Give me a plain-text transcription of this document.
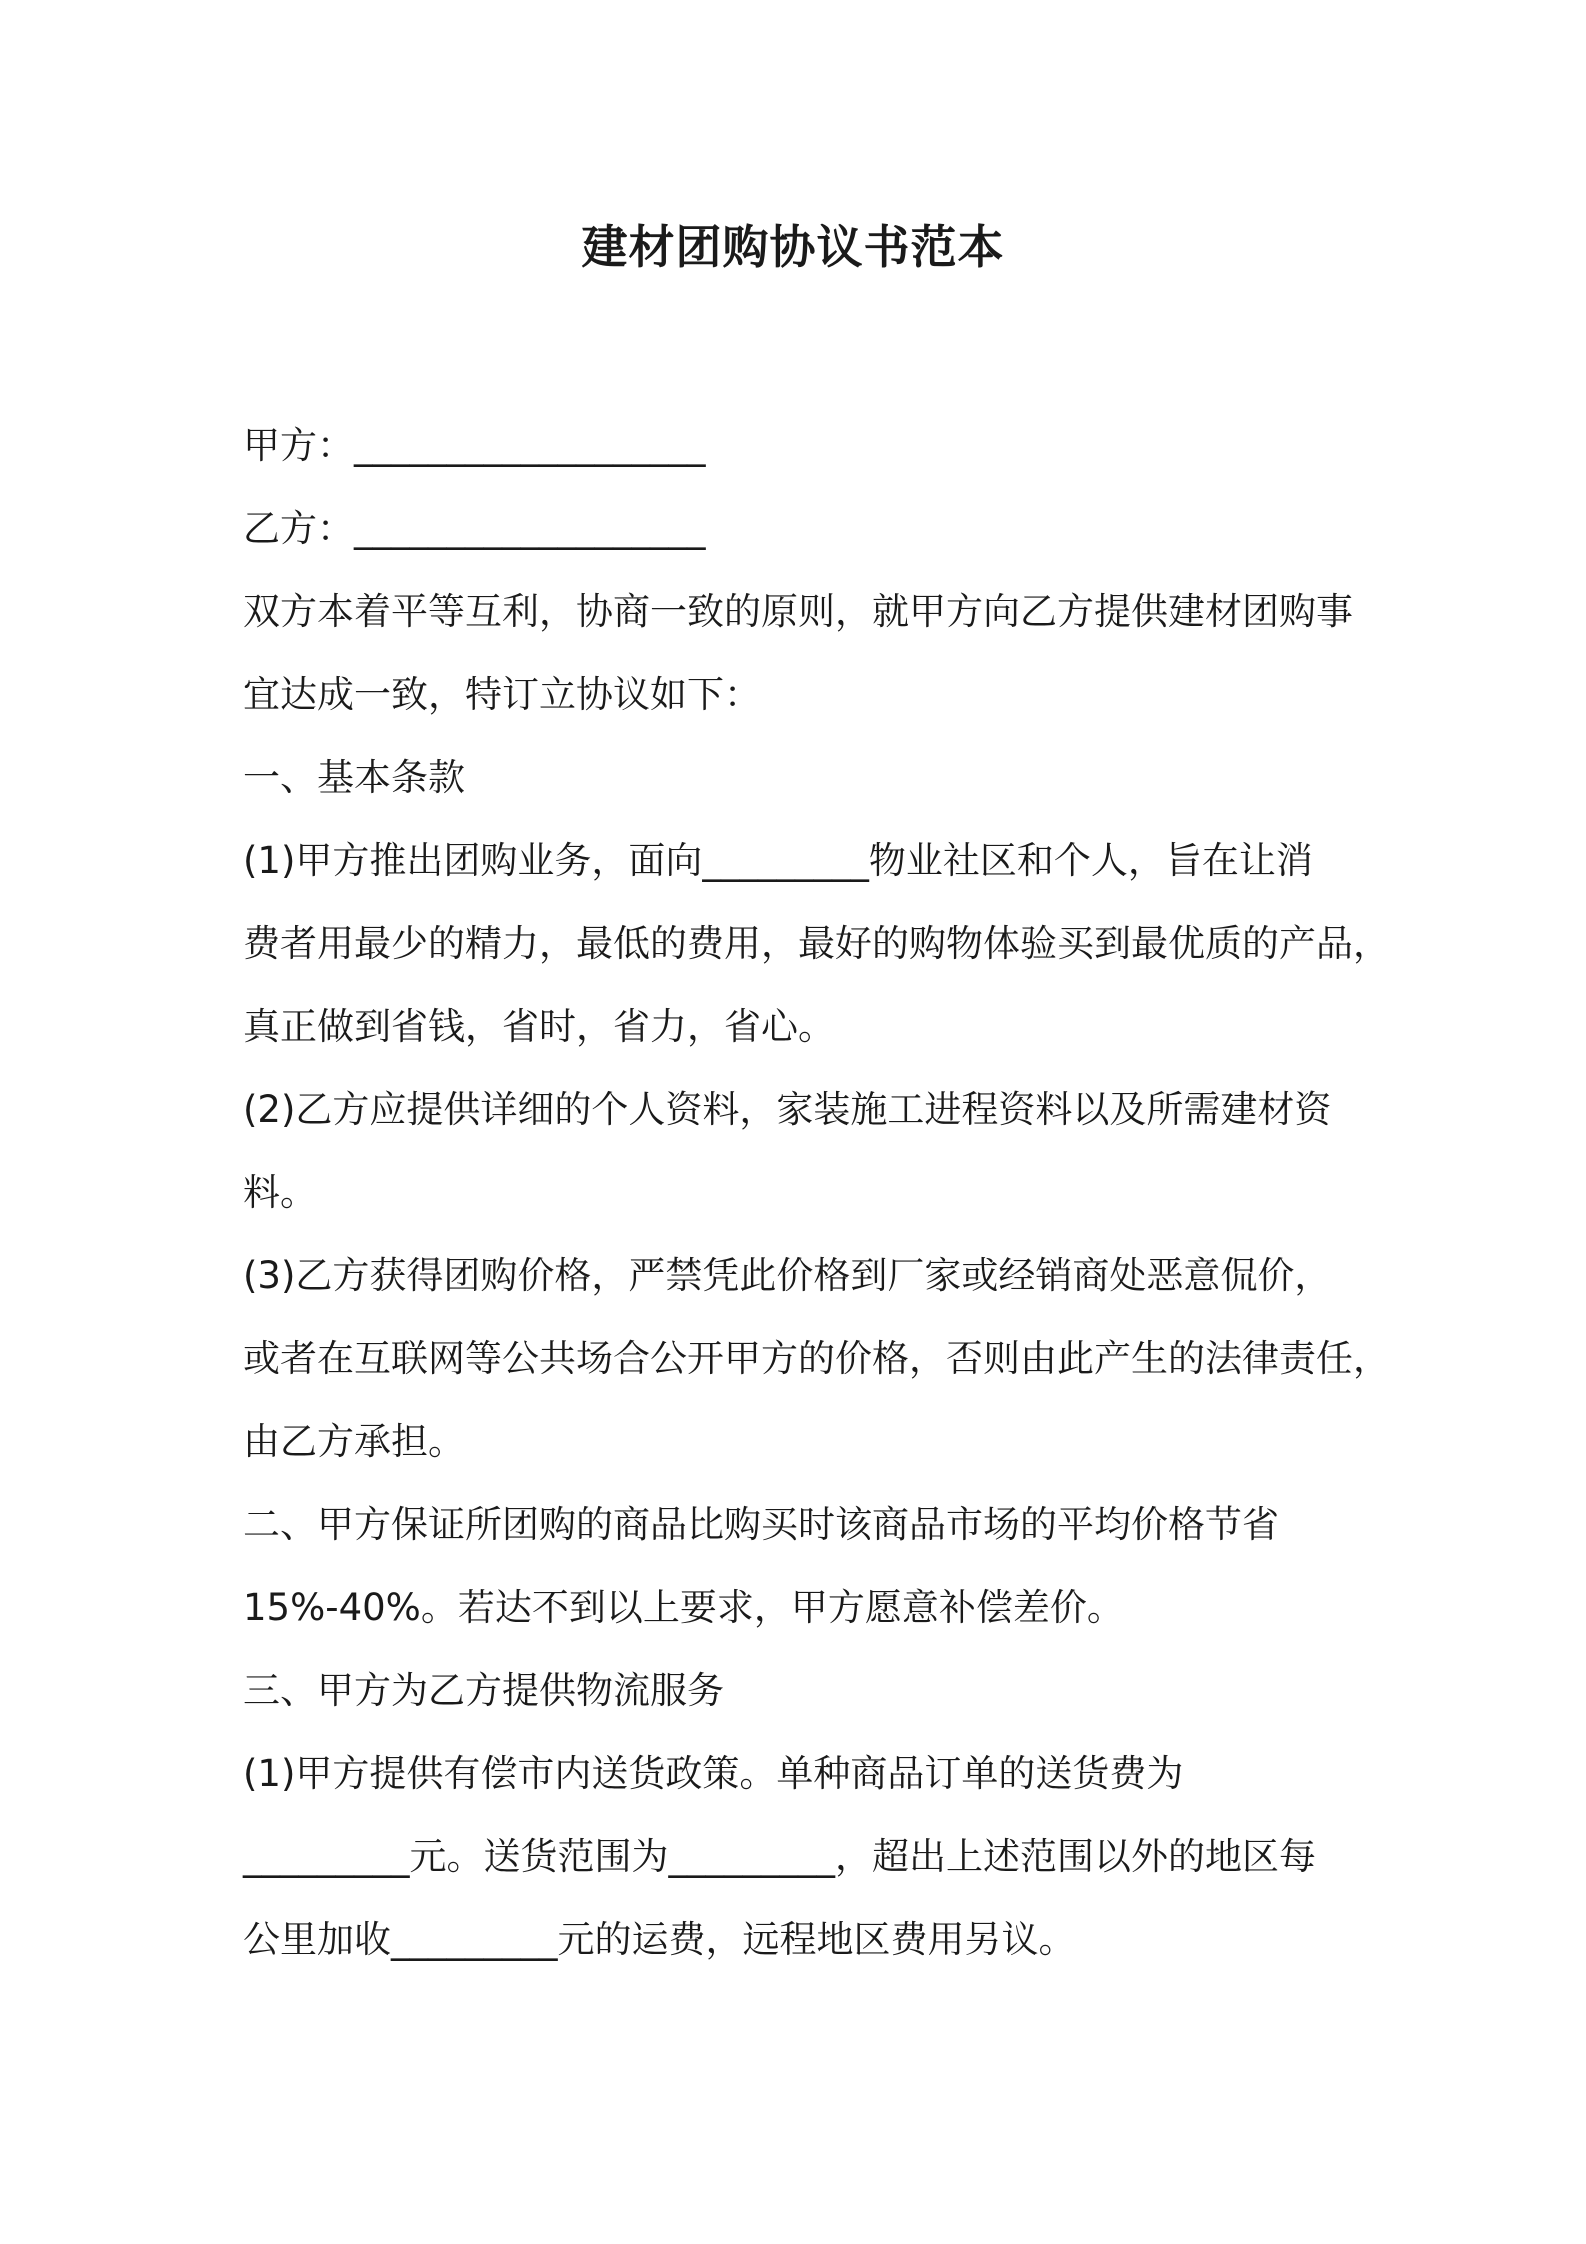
建材团购协议书范本

甲方：___________________

乙方：___________________

双方本着平等互利，协商一致的原则，就甲方向乙方提供建材团购事

宜达成一致，特订立协议如下：

一、基本条款

(1)甲方推出团购业务，面向_________物业社区和个人，旨在让消

费者用最少的精力，最低的费用，最好的购物体验买到最优质的产品，

真正做到省钱，省时，省力，省心。

(2)乙方应提供详细的个人资料，家装施工进程资料以及所需建材资

料。

(3)乙方获得团购价格，严禁凭此价格到厂家或经销商处恶意侃价，

或者在互联网等公共场合公开甲方的价格，否则由此产生的法律责任，

由乙方承担。

二、甲方保证所团购的商品比购买时该商品市场的平均价格节省

15%-40%。若达不到以上要求，甲方愿意补偿差价。

三、甲方为乙方提供物流服务

(1)甲方提供有偿市内送货政策。单种商品订单的送货费为

_________元。送货范围为_________，超出上述范围以外的地区每

公里加收_________元的运费，远程地区费用另议。
